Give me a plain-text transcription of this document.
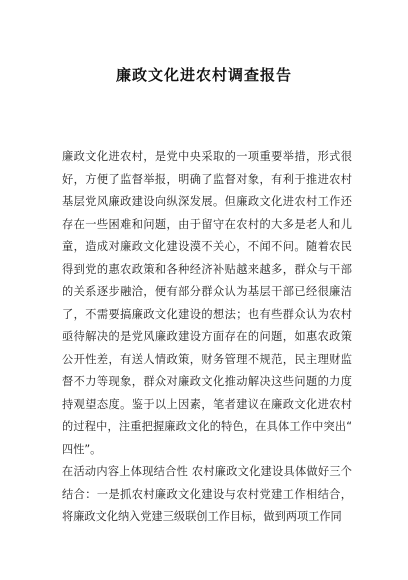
廉政文化进农村调查报告

廉政文化进农村，是党中央采取的一项重要举措，形式很好，方便了监督举报，明确了监督对象，有利于推进农村基层党风廉政建设向纵深发展。但廉政文化进农村工作还存在一些困难和问题，由于留守在农村的大多是老人和儿童，造成对廉政文化建设漠不关心，不闻不问。随着农民得到党的惠农政策和各种经济补贴越来越多，群众与干部的关系逐步融洽，便有部分群众认为基层干部已经很廉洁了，不需要搞廉政文化建设的想法；也有些群众认为农村亟待解决的是党风廉政建设方面存在的问题，如惠农政策公开性差，有送人情政策，财务管理不规范，民主理财监督不力等现象，群众对廉政文化推动解决这些问题的力度持观望态度。鉴于以上因素，笔者建议在廉政文化进农村的过程中，注重把握廉政文化的特色，在具体工作中突出“四性”。

在活动内容上体现结合性 农村廉政文化建设具体做好三个结合：一是抓农村廉政文化建设与农村党建工作相结合，将廉政文化纳入党建三级联创工作目标，做到两项工作同
